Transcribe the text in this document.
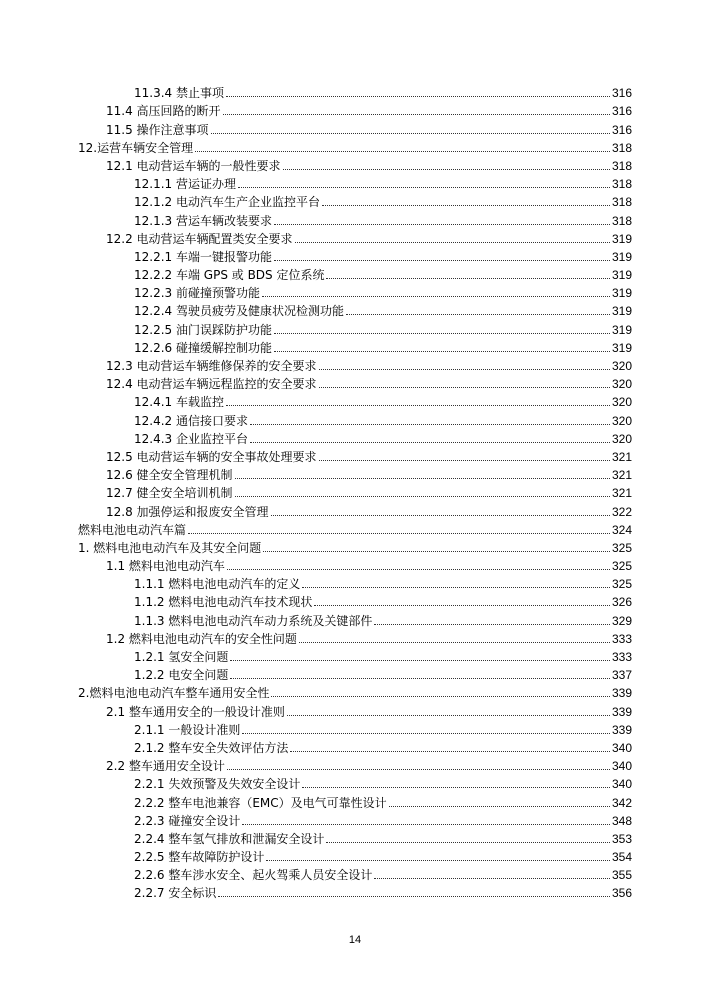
11.3.4 禁止事项	316
11.4 高压回路的断开	316
11.5 操作注意事项	316
12.运营车辆安全管理	318
12.1 电动营运车辆的一般性要求	318
12.1.1 营运证办理	318
12.1.2 电动汽车生产企业监控平台	318
12.1.3 营运车辆改装要求	318
12.2 电动营运车辆配置类安全要求	319
12.2.1 车端一键报警功能	319
12.2.2 车端 GPS 或 BDS 定位系统	319
12.2.3 前碰撞预警功能	319
12.2.4 驾驶员疲劳及健康状况检测功能	319
12.2.5 油门误踩防护功能	319
12.2.6 碰撞缓解控制功能	319
12.3 电动营运车辆维修保养的安全要求	320
12.4 电动营运车辆远程监控的安全要求	320
12.4.1 车载监控	320
12.4.2 通信接口要求	320
12.4.3 企业监控平台	320
12.5 电动营运车辆的安全事故处理要求	321
12.6 健全安全管理机制	321
12.7 健全安全培训机制	321
12.8 加强停运和报废安全管理	322
燃料电池电动汽车篇	324
1. 燃料电池电动汽车及其安全问题	325
1.1 燃料电池电动汽车	325
1.1.1 燃料电池电动汽车的定义	325
1.1.2 燃料电池电动汽车技术现状	326
1.1.3 燃料电池电动汽车动力系统及关键部件	329
1.2 燃料电池电动汽车的安全性问题	333
1.2.1 氢安全问题	333
1.2.2 电安全问题	337
2.燃料电池电动汽车整车通用安全性	339
2.1 整车通用安全的一般设计准则	339
2.1.1 一般设计准则	339
2.1.2 整车安全失效评估方法	340
2.2 整车通用安全设计	340
2.2.1 失效预警及失效安全设计	340
2.2.2 整车电池兼容（EMC）及电气可靠性设计	342
2.2.3 碰撞安全设计	348
2.2.4 整车氢气排放和泄漏安全设计	353
2.2.5 整车故障防护设计	354
2.2.6 整车涉水安全、起火驾乘人员安全设计	355
2.2.7 安全标识	356
14
